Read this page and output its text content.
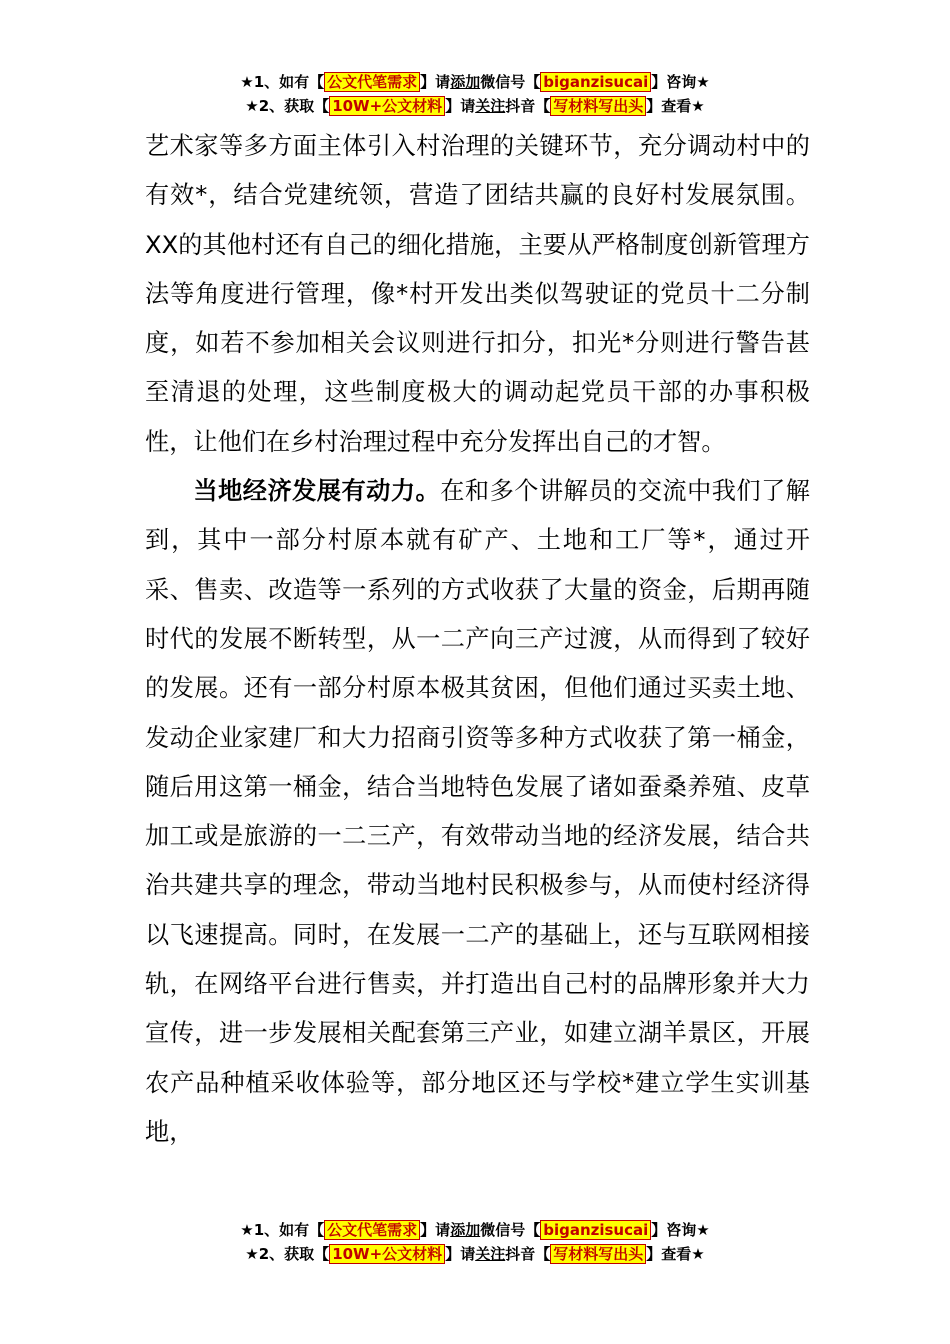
★1、如有【 公文代笔需求 】请添加微信号【 biganzisucai 】咨询★
★2、获取【 10W+公文材料 】请关注抖音【 写材料写出头 】查看★

艺术家等多方面主体引入村治理的关键环节，充分调动村中的有效*，结合党建统领，营造了团结共赢的良好村发展氛围。XX的其他村还有自己的细化措施，主要从严格制度创新管理方法等角度进行管理，像*村开发出类似驾驶证的党员十二分制度，如若不参加相关会议则进行扣分，扣光*分则进行警告甚至清退的处理，这些制度极大的调动起党员干部的办事积极性，让他们在乡村治理过程中充分发挥出自己的才智。

当地经济发展有动力。在和多个讲解员的交流中我们了解到，其中一部分村原本就有矿产、土地和工厂等*，通过开采、售卖、改造等一系列的方式收获了大量的资金，后期再随时代的发展不断转型，从一二产向三产过渡，从而得到了较好的发展。还有一部分村原本极其贫困，但他们通过买卖土地、发动企业家建厂和大力招商引资等多种方式收获了第一桶金，随后用这第一桶金，结合当地特色发展了诸如蚕桑养殖、皮草加工或是旅游的一二三产，有效带动当地的经济发展，结合共治共建共享的理念，带动当地村民积极参与，从而使村经济得以飞速提高。同时，在发展一二产的基础上，还与互联网相接轨，在网络平台进行售卖，并打造出自己村的品牌形象并大力宣传，进一步发展相关配套第三产业，如建立湖羊景区，开展农产品种植采收体验等，部分地区还与学校*建立学生实训基地，

★1、如有【 公文代笔需求 】请添加微信号【 biganzisucai 】咨询★
★2、获取【 10W+公文材料 】请关注抖音【 写材料写出头 】查看★
